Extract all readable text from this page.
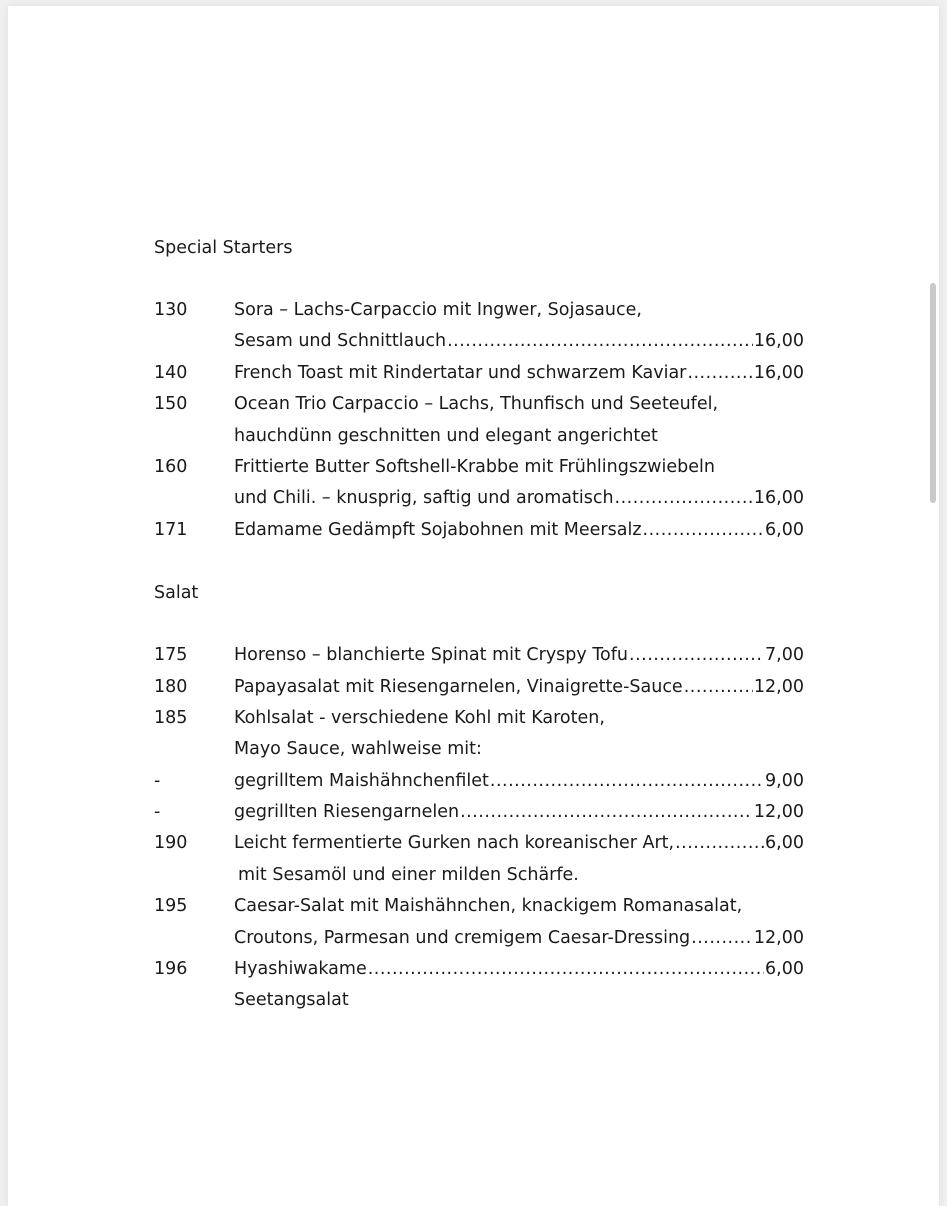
Special Starters
130	Sora – Lachs-Carpaccio mit Ingwer, Sojasauce,
Sesam und Schnittlauch .....	16,00
140	French Toast mit Rindertatar und schwarzem Kaviar .....	16,00
150	Ocean Trio Carpaccio – Lachs, Thunfisch und Seeteufel,
hauchdünn geschnitten und elegant angerichtet
160	Frittierte Butter Softshell-Krabbe mit Frühlingszwiebeln
und Chili. – knusprig, saftig und aromatisch .....	16,00
171	Edamame Gedämpft Sojabohnen mit Meersalz .....	6,00
Salat
175	Horenso – blanchierte Spinat mit Cryspy Tofu .....	7,00
180	Papayasalat mit Riesengarnelen, Vinaigrette-Sauce .....	12,00
185	Kohlsalat - verschiedene Kohl mit Karoten,
Mayo Sauce, wahlweise mit:
-	gegrilltem Maishähnchenfilet .....	9,00
-	gegrillten Riesengarnelen .....	12,00
190	Leicht fermentierte Gurken nach koreanischer Art, .....	6,00
mit Sesamöl und einer milden Schärfe.
195	Caesar-Salat mit Maishähnchen, knackigem Romanasalat,
Croutons, Parmesan und cremigem Caesar-Dressing .....	12,00
196	Hyashiwakame .....	6,00
Seetangsalat
